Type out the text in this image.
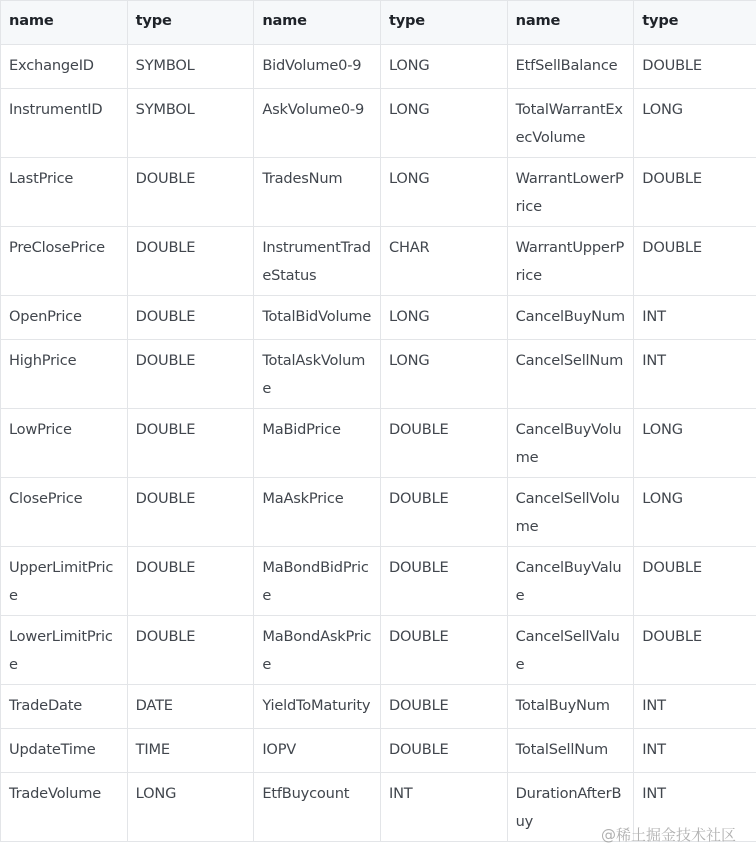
name	type	name	type	name	type
ExchangeID	SYMBOL	BidVolume0-9	LONG	EtfSellBalance	DOUBLE
InstrumentID	SYMBOL	AskVolume0-9	LONG	TotalWarrantExecVolume	LONG
LastPrice	DOUBLE	TradesNum	LONG	WarrantLowerPrice	DOUBLE
PreClosePrice	DOUBLE	InstrumentTradeStatus	CHAR	WarrantUpperPrice	DOUBLE
OpenPrice	DOUBLE	TotalBidVolume	LONG	CancelBuyNum	INT
HighPrice	DOUBLE	TotalAskVolume	LONG	CancelSellNum	INT
LowPrice	DOUBLE	MaBidPrice	DOUBLE	CancelBuyVolume	LONG
ClosePrice	DOUBLE	MaAskPrice	DOUBLE	CancelSellVolume	LONG
UpperLimitPrice	DOUBLE	MaBondBidPrice	DOUBLE	CancelBuyValue	DOUBLE
LowerLimitPrice	DOUBLE	MaBondAskPrice	DOUBLE	CancelSellValue	DOUBLE
TradeDate	DATE	YieldToMaturity	DOUBLE	TotalBuyNum	INT
UpdateTime	TIME	IOPV	DOUBLE	TotalSellNum	INT
TradeVolume	LONG	EtfBuycount	INT	DurationAfterBuy	INT
@稀土掘金技术社区
